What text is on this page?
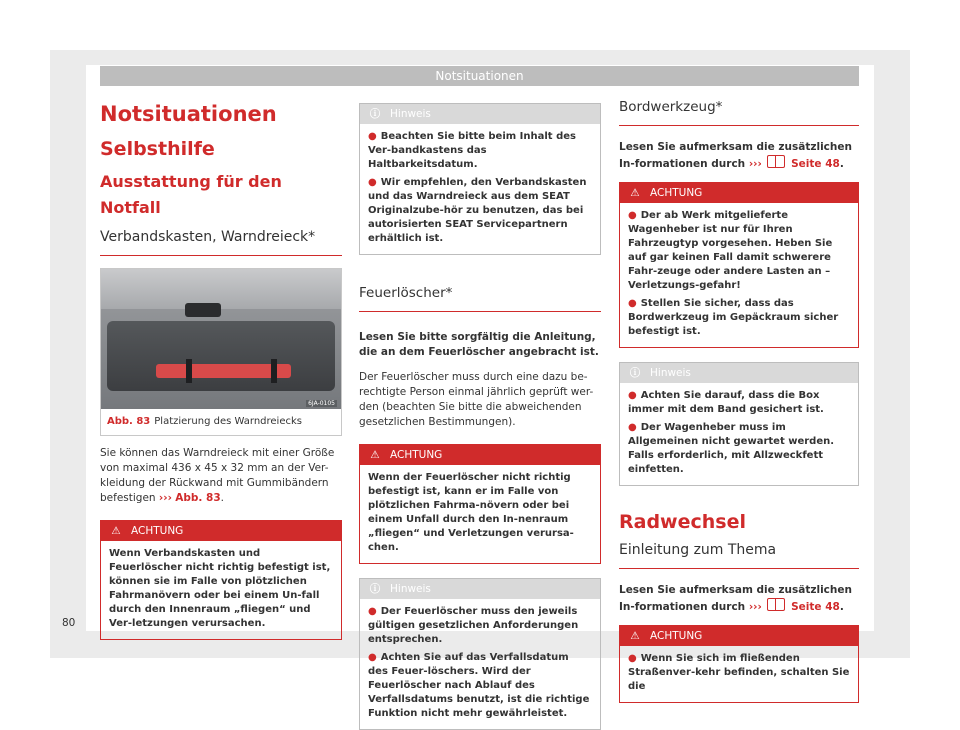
Notsituationen
Notsituationen
Selbsthilfe
Ausstattung für den Notfall
Verbandskasten, Warndreieck*
6JA-0105
Abb. 83 Platzierung des Warndreiecks

Sie können das Warndreieck mit einer Größe von maximal 436 x 45 x 32 mm an der Ver-kleidung der Rückwand mit Gummibändern befestigen ››› Abb. 83.

⚠ ACHTUNG
Wenn Verbandskasten und Feuerlöscher nicht richtig befestigt ist, können sie im Falle von plötzlichen Fahrmanövern oder bei einem Un-fall durch den Innenraum „fliegen“ und Ver-letzungen verursachen.
ⓘ Hinweis
● Beachten Sie bitte beim Inhalt des Ver-bandkastens das Haltbarkeitsdatum.
● Wir empfehlen, den Verbandskasten und das Warndreieck aus dem SEAT Originalzube-hör zu benutzen, das bei autorisierten SEAT Servicepartnern erhältlich ist.
Feuerlöscher*

Lesen Sie bitte sorgfältig die Anleitung, die an dem Feuerlöscher angebracht ist.

Der Feuerlöscher muss durch eine dazu be-rechtigte Person einmal jährlich geprüft wer-den (beachten Sie bitte die abweichenden gesetzlichen Bestimmungen).

⚠ ACHTUNG
Wenn der Feuerlöscher nicht richtig befestigt ist, kann er im Falle von plötzlichen Fahrma-növern oder bei einem Unfall durch den In-nenraum „fliegen“ und Verletzungen verursa-chen.
ⓘ Hinweis
● Der Feuerlöscher muss den jeweils gültigen gesetzlichen Anforderungen entsprechen.
● Achten Sie auf das Verfallsdatum des Feuer-löschers. Wird der Feuerlöscher nach Ablauf des Verfallsdatums benutzt, ist die richtige Funktion nicht mehr gewährleistet.
Bordwerkzeug*

Lesen Sie aufmerksam die zusätzlichen In-formationen durch ›››	Seite 48.

⚠ ACHTUNG
● Der ab Werk mitgelieferte Wagenheber ist nur für Ihren Fahrzeugtyp vorgesehen. Heben Sie auf gar keinen Fall damit schwerere Fahr-zeuge oder andere Lasten an – Verletzungs-gefahr!
● Stellen Sie sicher, dass das Bordwerkzeug im Gepäckraum sicher befestigt ist.
ⓘ Hinweis
● Achten Sie darauf, dass die Box immer mit dem Band gesichert ist.
● Der Wagenheber muss im Allgemeinen nicht gewartet werden. Falls erforderlich, mit Allzweckfett einfetten.
Radwechsel
Einleitung zum Thema

Lesen Sie aufmerksam die zusätzlichen In-formationen durch ›››	Seite 48.

⚠ ACHTUNG
● Wenn Sie sich im fließenden Straßenver-kehr befinden, schalten Sie die
80
